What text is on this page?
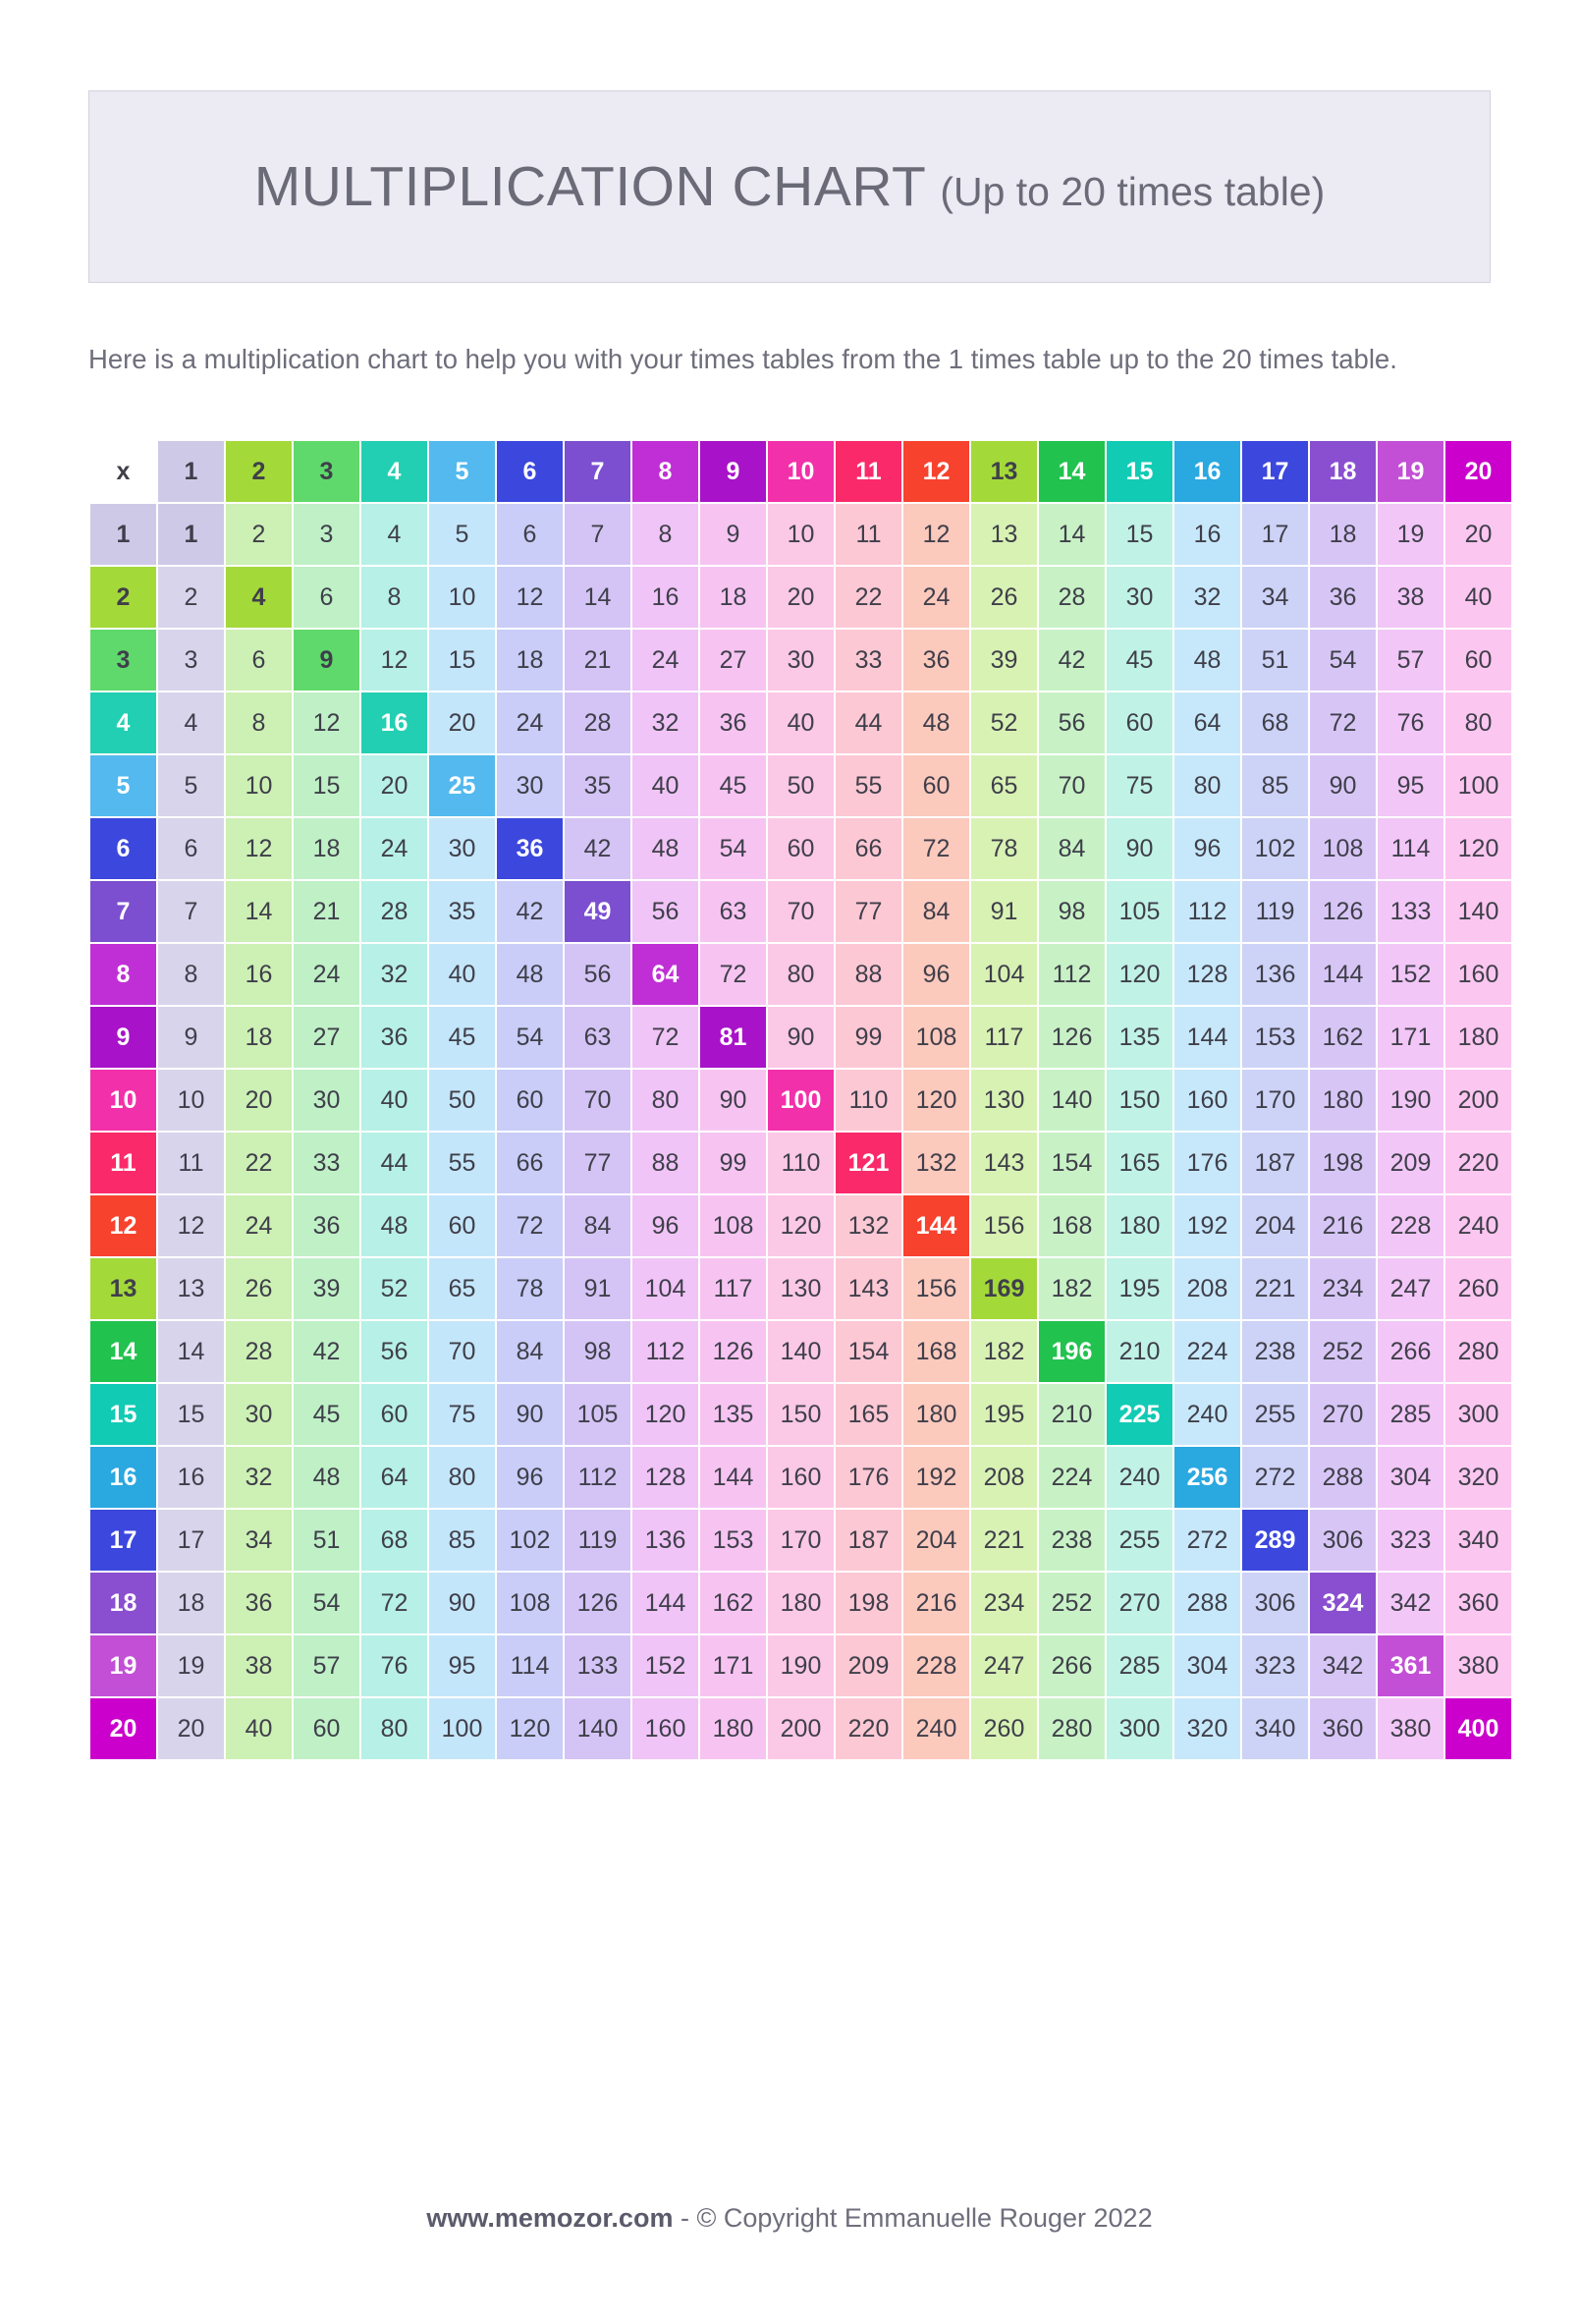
MULTIPLICATION CHART (Up to 20 times table)
Here is a multiplication chart to help you with your times tables from the 1 times table up to the 20 times table.
x	1	2	3	4	5	6	7	8	9	10	11	12	13	14	15	16	17	18	19	20
1	1	2	3	4	5	6	7	8	9	10	11	12	13	14	15	16	17	18	19	20
2	2	4	6	8	10	12	14	16	18	20	22	24	26	28	30	32	34	36	38	40
3	3	6	9	12	15	18	21	24	27	30	33	36	39	42	45	48	51	54	57	60
4	4	8	12	16	20	24	28	32	36	40	44	48	52	56	60	64	68	72	76	80
5	5	10	15	20	25	30	35	40	45	50	55	60	65	70	75	80	85	90	95	100
6	6	12	18	24	30	36	42	48	54	60	66	72	78	84	90	96	102	108	114	120
7	7	14	21	28	35	42	49	56	63	70	77	84	91	98	105	112	119	126	133	140
8	8	16	24	32	40	48	56	64	72	80	88	96	104	112	120	128	136	144	152	160
9	9	18	27	36	45	54	63	72	81	90	99	108	117	126	135	144	153	162	171	180
10	10	20	30	40	50	60	70	80	90	100	110	120	130	140	150	160	170	180	190	200
11	11	22	33	44	55	66	77	88	99	110	121	132	143	154	165	176	187	198	209	220
12	12	24	36	48	60	72	84	96	108	120	132	144	156	168	180	192	204	216	228	240
13	13	26	39	52	65	78	91	104	117	130	143	156	169	182	195	208	221	234	247	260
14	14	28	42	56	70	84	98	112	126	140	154	168	182	196	210	224	238	252	266	280
15	15	30	45	60	75	90	105	120	135	150	165	180	195	210	225	240	255	270	285	300
16	16	32	48	64	80	96	112	128	144	160	176	192	208	224	240	256	272	288	304	320
17	17	34	51	68	85	102	119	136	153	170	187	204	221	238	255	272	289	306	323	340
18	18	36	54	72	90	108	126	144	162	180	198	216	234	252	270	288	306	324	342	360
19	19	38	57	76	95	114	133	152	171	190	209	228	247	266	285	304	323	342	361	380
20	20	40	60	80	100	120	140	160	180	200	220	240	260	280	300	320	340	360	380	400
www.memozor.com - © Copyright Emmanuelle Rouger 2022
